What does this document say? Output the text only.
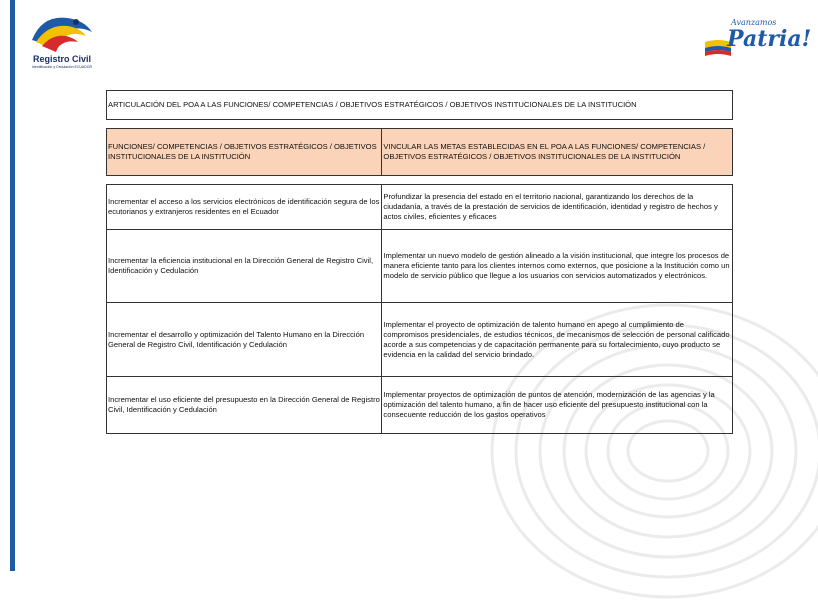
Registro Civil
Identificación y Cedulación ECUADOR
Avanzamos
Patria!
ARTICULACIÓN DEL POA A LAS FUNCIONES/ COMPETENCIAS / OBJETIVOS ESTRATÉGICOS / OBJETIVOS INSTITUCIONALES DE LA INSTITUCIÓN	

FUNCIONES/ COMPETENCIAS / OBJETIVOS ESTRATÉGICOS / OBJETIVOS INSTITUCIONALES DE LA INSTITUCIÓN	VINCULAR LAS METAS ESTABLECIDAS EN EL POA A LAS FUNCIONES/ COMPETENCIAS / OBJETIVOS ESTRATÉGICOS / OBJETIVOS INSTITUCIONALES DE LA INSTITUCIÓN

Incrementar el acceso a los servicios electrónicos de identificación segura de los ecutorianos y extranjeros residentes en el Ecuador	Profundizar la presencia del estado en el territorio nacional, garantizando los derechos de la ciudadanía, a través de la prestación de servicios de identificación, identidad y registro de hechos y actos civiles, eficientes y eficaces
Incrementar la eficiencia institucional en la Dirección General de Registro Civil, Identificación y Cedulación	Implementar un nuevo modelo de gestión alineado a la visión institucional, que integre los procesos de manera eficiente tanto para los clientes internos como externos, que posicione a la Institución como un modelo de servicio público que llegue a los usuarios con servicios automatizados y electrónicos.
Incrementar el desarrollo y optimización del Talento Humano en la Dirección General de Registro Civil, Identificación y Cedulación	Implementar el proyecto de optimización de talento humano en apego al cumplimiento de compromisos presidenciales, de estudios técnicos, de mecanismos de selección de personal calificado acorde a sus competencias y de capacitación permanente para su fortalecimiento, cuyo producto se evidencia en la calidad del servicio brindado.
Incrementar el uso eficiente del presupuesto en la Dirección General de Registro Civil, Identificación y Cedulación	Implementar proyectos de optimización de puntos de atención, modernización de las agencias y la optimización del talento humano, a fin de hacer uso eficiente del presupuesto institucional con la consecuente reducción de los gastos operativos
